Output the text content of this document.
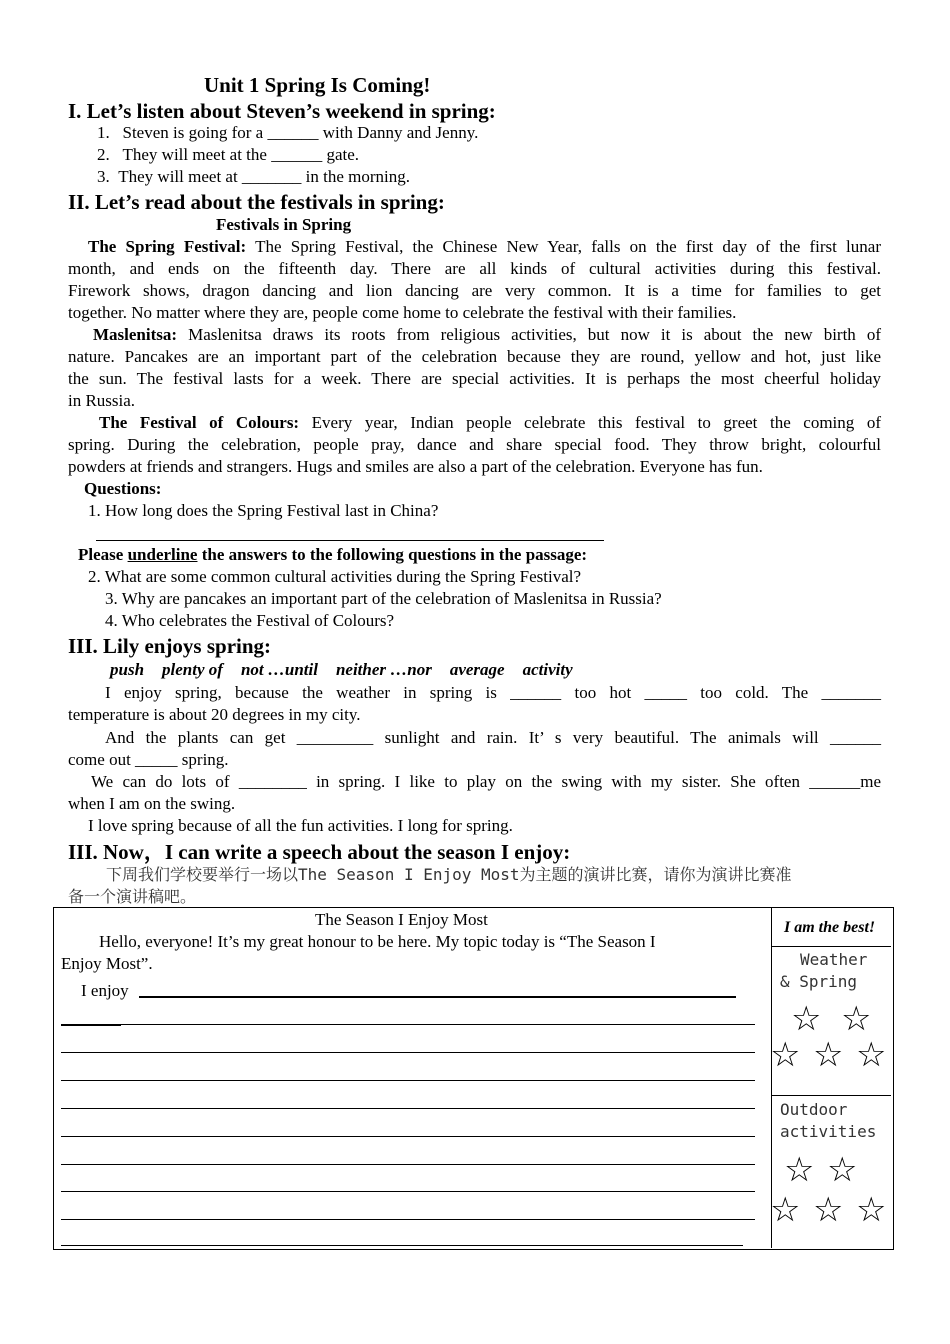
Unit 1 Spring Is Coming!
I. Let’s listen about Steven’s weekend in spring:
1. Steven is going for a ______ with Danny and Jenny.
2. They will meet at the ______ gate.
3. They will meet at _______ in the morning.
II. Let’s read about the festivals in spring:
Festivals in Spring
The Spring Festival: The Spring Festival, the Chinese New Year, falls on the first day of the first lunar
month, and ends on the fifteenth day. There are all kinds of cultural activities during this festival.
Firework shows, dragon dancing and lion dancing are very common. It is a time for families to get
together. No matter where they are, people come home to celebrate the festival with their families.
Maslenitsa: Maslenitsa draws its roots from religious activities, but now it is about the new birth of
nature. Pancakes are an important part of the celebration because they are round, yellow and hot, just like
the sun. The festival lasts for a week. There are special activities. It is perhaps the most cheerful holiday
in Russia.
The Festival of Colours: Every year, Indian people celebrate this festival to greet the coming of
spring. During the celebration, people pray, dance and share special food. They throw bright, colourful
powders at friends and strangers. Hugs and smiles are also a part of the celebration. Everyone has fun.
Questions:
1. How long does the Spring Festival last in China?
Please underline the answers to the following questions in the passage:
2. What are some common cultural activities during the Spring Festival?
3. Why are pancakes an important part of the celebration of Maslenitsa in Russia?
4. Who celebrates the Festival of Colours?
III. Lily enjoys spring:
push plenty of not …until neither …nor average activity
I enjoy spring, because the weather in spring is ______ too hot _____ too cold. The _______
temperature is about 20 degrees in my city.
And the plants can get _________ sunlight and rain. It’ s very beautiful. The animals will ______
come out _____ spring.
We can do lots of ________ in spring. I like to play on the swing with my sister. She often ______me
when I am on the swing.
I love spring because of all the fun activities. I long for spring.
III. Now，I can write a speech about the season I enjoy:
下周我们学校要举行一场以The Season I Enjoy Most为主题的演讲比赛，请你为演讲比赛准
备一个演讲稿吧。
The Season I Enjoy Most
Hello, everyone! It’s my great honour to be here. My topic today is “The Season I
Enjoy Most”.
I enjoy
I am the best!
Weather
& Spring
☆ ☆
☆ ☆ ☆
Outdoor
activities
☆ ☆
☆ ☆ ☆
